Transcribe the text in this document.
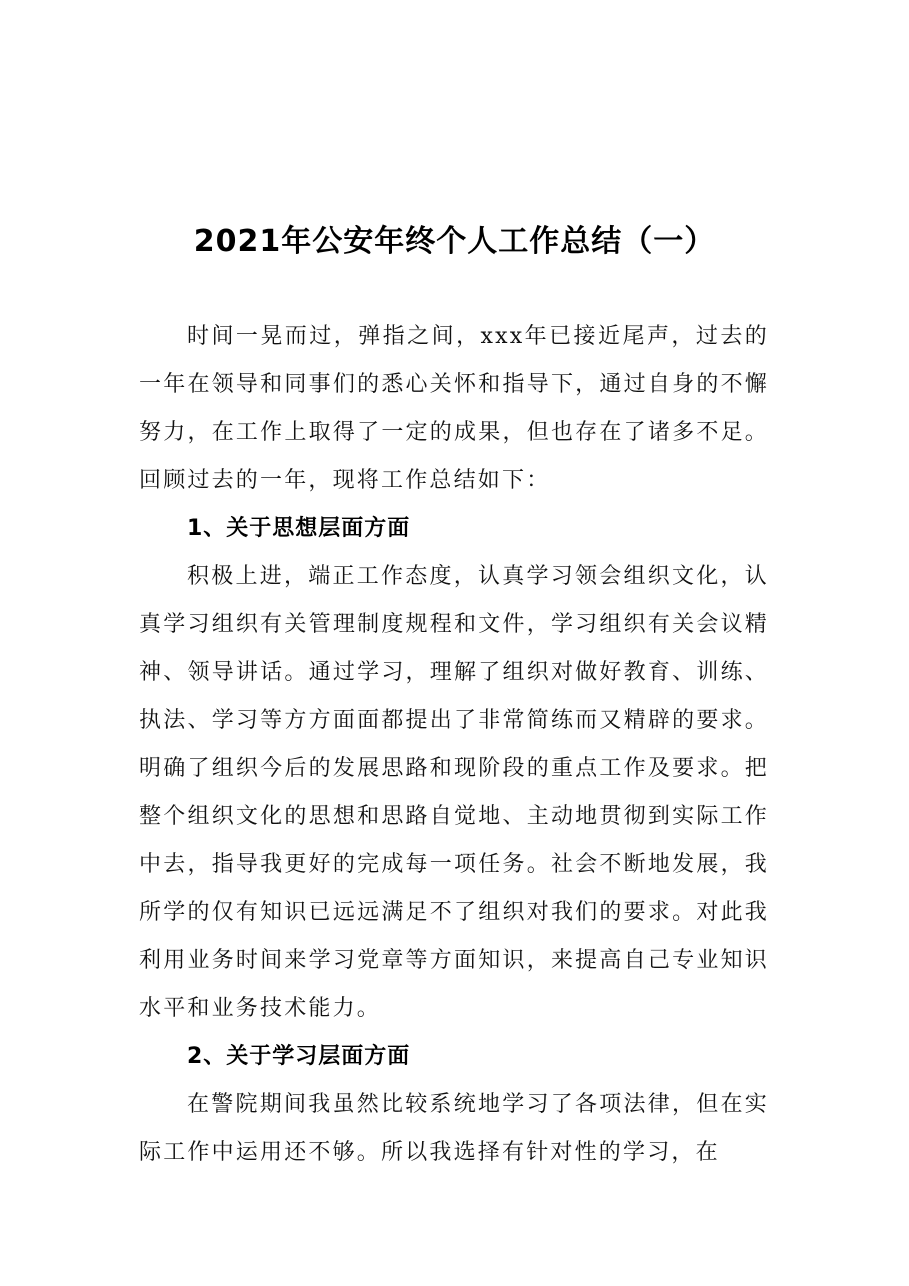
2021年公安年终个人工作总结（一）

时间一晃而过，弹指之间，xxx年已接近尾声，过去的一年在领导和同事们的悉心关怀和指导下，通过自身的不懈努力，在工作上取得了一定的成果，但也存在了诸多不足。回顾过去的一年，现将工作总结如下：

1、关于思想层面方面

积极上进，端正工作态度，认真学习领会组织文化，认真学习组织有关管理制度规程和文件，学习组织有关会议精神、领导讲话。通过学习，理解了组织对做好教育、训练、执法、学习等方方面面都提出了非常简练而又精辟的要求。明确了组织今后的发展思路和现阶段的重点工作及要求。把整个组织文化的思想和思路自觉地、主动地贯彻到实际工作中去，指导我更好的完成每一项任务。社会不断地发展，我所学的仅有知识已远远满足不了组织对我们的要求。对此我利用业务时间来学习党章等方面知识，来提高自己专业知识水平和业务技术能力。

2、关于学习层面方面

在警院期间我虽然比较系统地学习了各项法律，但在实际工作中运用还不够。所以我选择有针对性的学习，在
